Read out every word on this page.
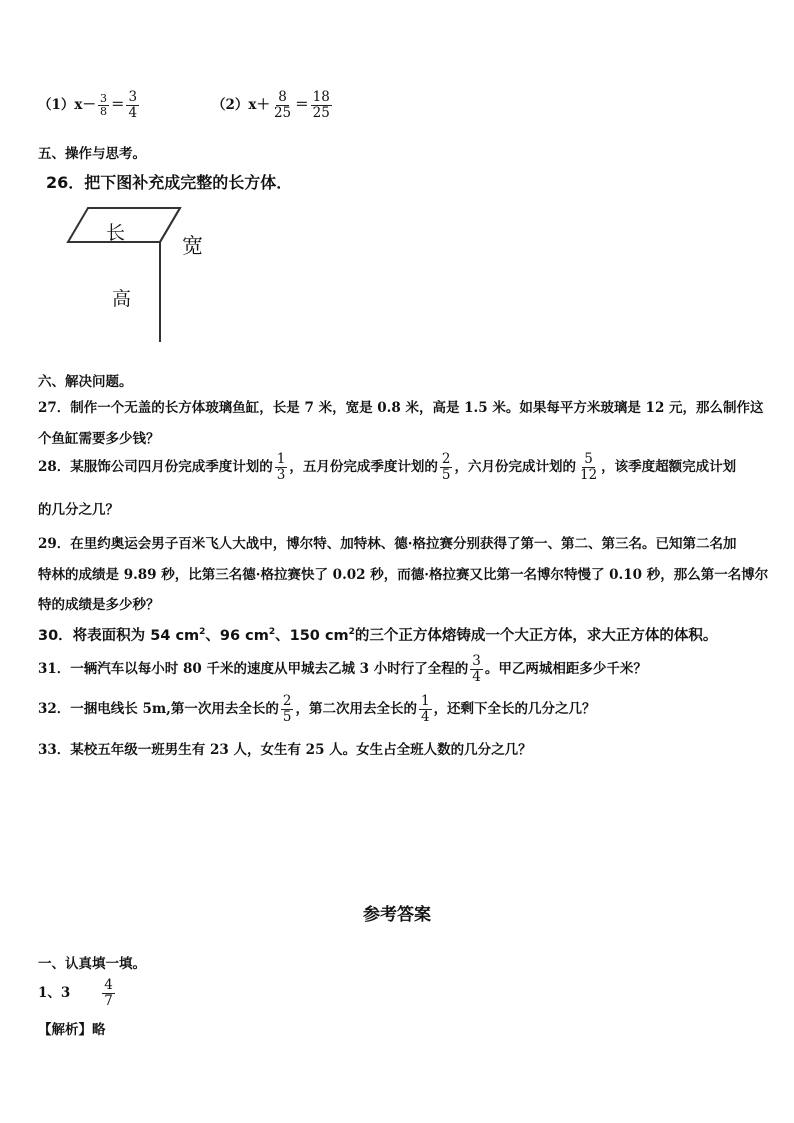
$(1)x- \frac{3}{8} = \frac{3}{4}$	$(2)x+ \frac{8}{25} = \frac{18}{25}$
五、操作与思考。
26．把下图补充成完整的长方体．
长
宽
高
六、解决问题。
27．制作一个无盖的长方体玻璃鱼缸，长是 7 米，宽是 0.8 米，高是 1.5 米。如果每平方米玻璃是 12 元，那么制作这
个鱼缸需要多少钱？
28．某服饰公司四月份完成季度计划的 $\frac{1}{3}$ ，五月份完成季度计划的 $\frac{2}{5}$ ，六月份完成计划的 $\frac{5}{12}$ ，该季度超额完成计划
的几分之几？
29．在里约奥运会男子百米飞人大战中，博尔特、加特林、德·格拉赛分别获得了第一、第二、第三名。已知第二名加
特林的成绩是 9.89 秒，比第三名德·格拉赛快了 0.02 秒，而德·格拉赛又比第一名博尔特慢了 0.10 秒，那么第一名博尔
特的成绩是多少秒？
30．将表面积为 54 $cm^2$、96 $cm^2$、150 $cm^2$的三个正方体熔铸成一个大正方体，求大正方体的体积。
31．一辆汽车以每小时 80 千米的速度从甲城去乙城 3 小时行了全程的 $\frac{3}{4}$ 。甲乙两城相距多少千米？
32．一捆电线长 5m,第一次用去全长的 $\frac{2}{5}$ ，第二次用去全长的 $\frac{1}{4}$ ，还剩下全长的几分之几？
33．某校五年级一班男生有 23 人，女生有 25 人。女生占全班人数的几分之几？
参考答案
一、认真填一填。
1、$3 \frac{4}{7}$
【解析】略
